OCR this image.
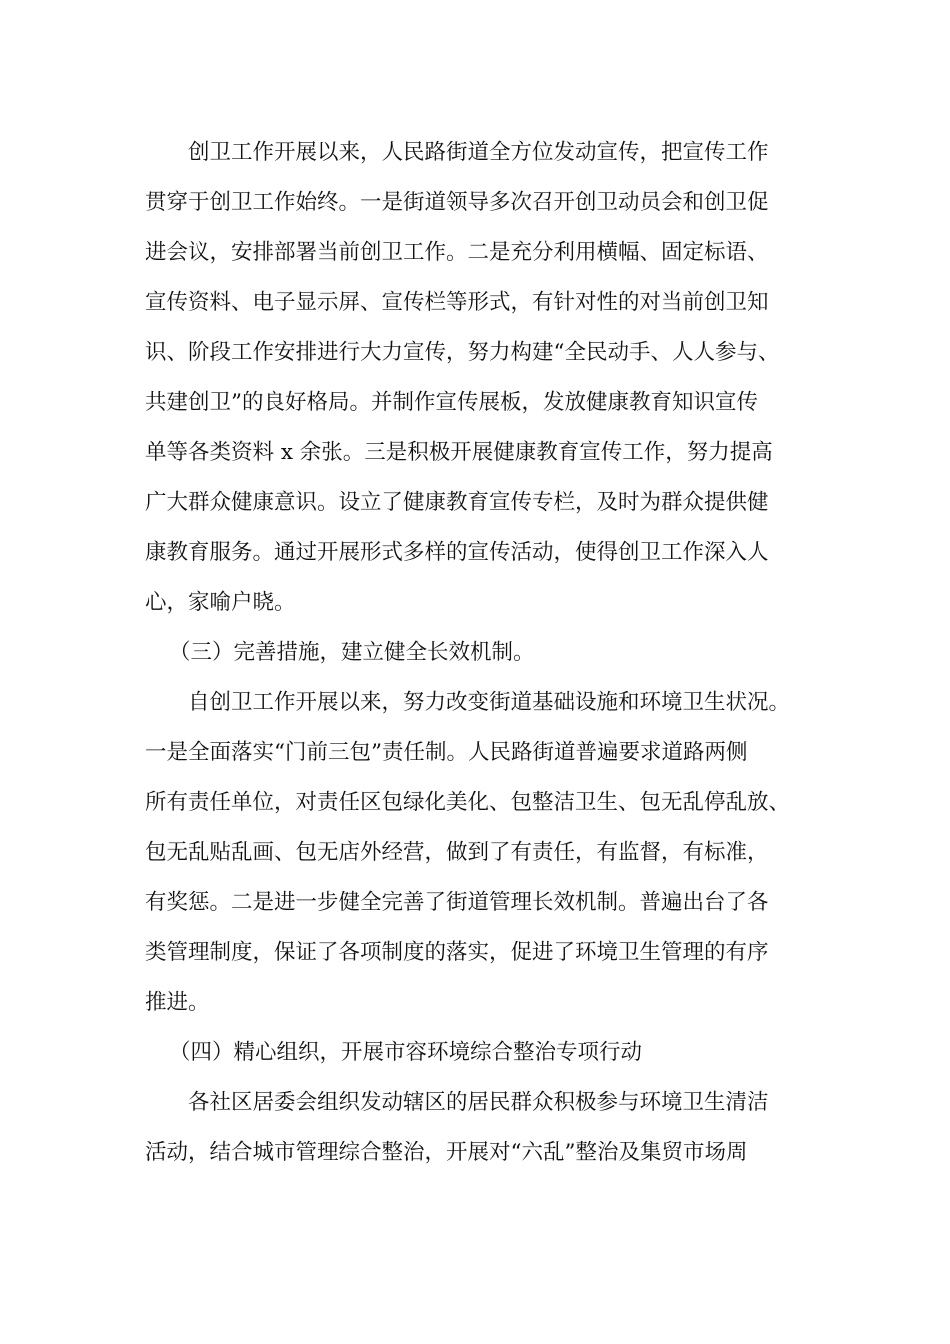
创卫工作开展以来，人民路街道全方位发动宣传，把宣传工作
贯穿于创卫工作始终。一是街道领导多次召开创卫动员会和创卫促
进会议，安排部署当前创卫工作。二是充分利用横幅、固定标语、
宣传资料、电子显示屏、宣传栏等形式，有针对性的对当前创卫知
识、阶段工作安排进行大力宣传，努力构建“全民动手、人人参与、
共建创卫”的良好格局。并制作宣传展板，发放健康教育知识宣传
单等各类资料 x 余张。三是积极开展健康教育宣传工作，努力提高
广大群众健康意识。设立了健康教育宣传专栏，及时为群众提供健
康教育服务。通过开展形式多样的宣传活动，使得创卫工作深入人
心，家喻户晓。
（三）完善措施，建立健全长效机制。
自创卫工作开展以来，努力改变街道基础设施和环境卫生状况。
一是全面落实“门前三包”责任制。人民路街道普遍要求道路两侧
所有责任单位，对责任区包绿化美化、包整洁卫生、包无乱停乱放、
包无乱贴乱画、包无店外经营，做到了有责任，有监督，有标准，
有奖惩。二是进一步健全完善了街道管理长效机制。普遍出台了各
类管理制度，保证了各项制度的落实，促进了环境卫生管理的有序
推进。
（四）精心组织，开展市容环境综合整治专项行动
各社区居委会组织发动辖区的居民群众积极参与环境卫生清洁
活动，结合城市管理综合整治，开展对“六乱”整治及集贸市场周
